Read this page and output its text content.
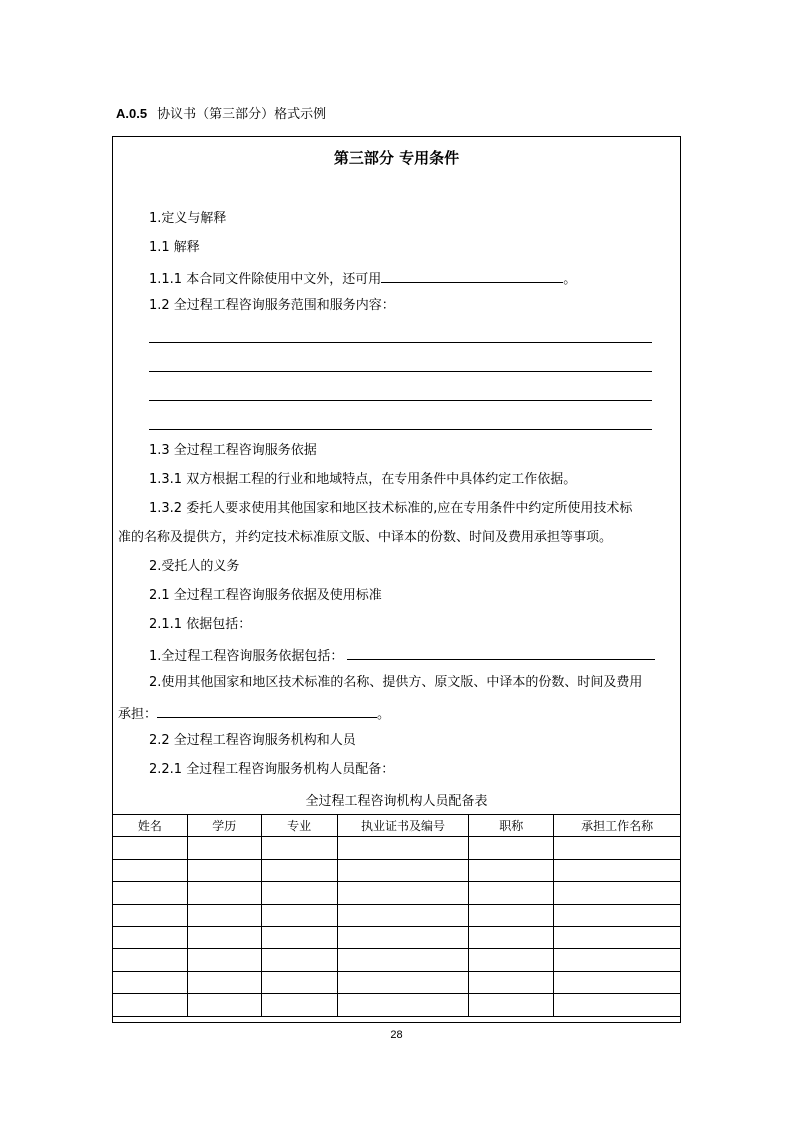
A.0.5 协议书（第三部分）格式示例
第三部分 专用条件
1.定义与解释
1.1 解释
1.1.1 本合同文件除使用中文外，还可用	。
1.2 全过程工程咨询服务范围和服务内容：
1.3 全过程工程咨询服务依据
1.3.1 双方根据工程的行业和地域特点，在专用条件中具体约定工作依据。
1.3.2 委托人要求使用其他国家和地区技术标准的,应在专用条件中约定所使用技术标
准的名称及提供方，并约定技术标准原文版、中译本的份数、时间及费用承担等事项。
2.受托人的义务
2.1 全过程工程咨询服务依据及使用标准
2.1.1 依据包括：
1.全过程工程咨询服务依据包括：
2.使用其他国家和地区技术标准的名称、提供方、原文版、中译本的份数、时间及费用
承担：	。
2.2 全过程工程咨询服务机构和人员
2.2.1 全过程工程咨询服务机构人员配备：
全过程工程咨询机构人员配备表
姓名	学历	专业	执业证书及编号	职称	承担工作名称

28
